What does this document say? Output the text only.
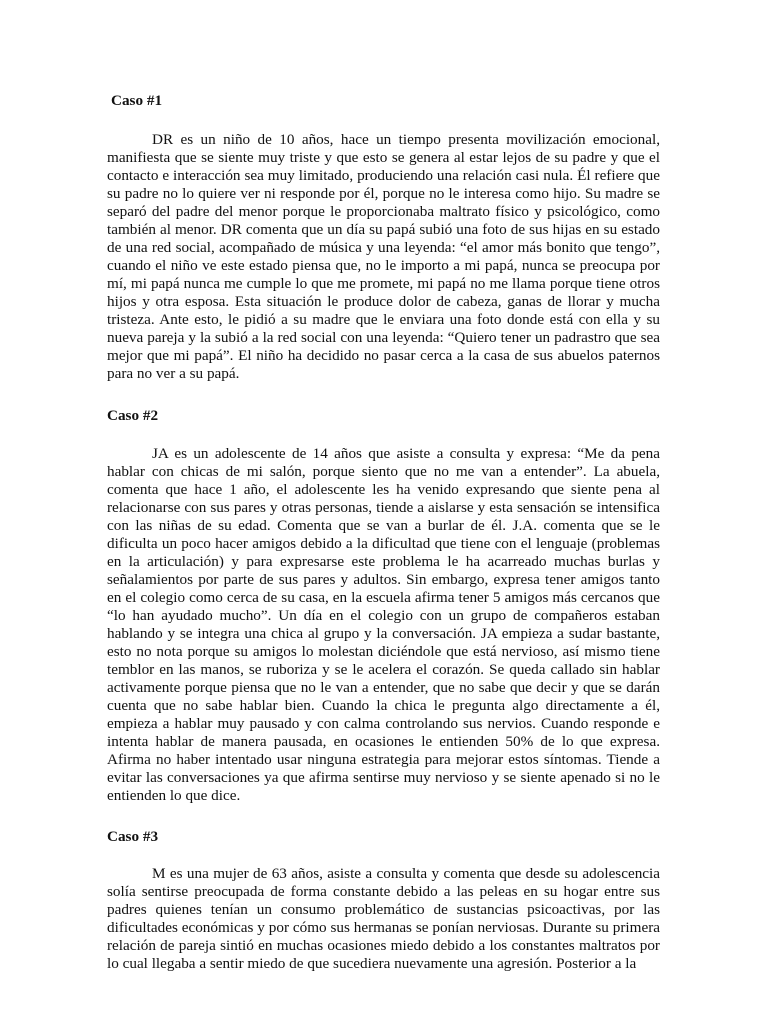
Caso #1

DR es un niño de 10 años, hace un tiempo presenta movilización emocional, manifiesta que se siente muy triste y que esto se genera al estar lejos de su padre y que el contacto e interacción sea muy limitado, produciendo una relación casi nula. Él refiere que su padre no lo quiere ver ni responde por él, porque no le interesa como hijo. Su madre se separó del padre del menor porque le proporcionaba maltrato físico y psicológico, como también al menor. DR comenta que un día su papá subió una foto de sus hijas en su estado de una red social, acompañado de música y una leyenda: “el amor más bonito que tengo”, cuando el niño ve este estado piensa que, no le importo a mi papá, nunca se preocupa por mí, mi papá nunca me cumple lo que me promete, mi papá no me llama porque tiene otros hijos y otra esposa. Esta situación le produce dolor de cabeza, ganas de llorar y mucha tristeza. Ante esto, le pidió a su madre que le enviara una foto donde está con ella y su nueva pareja y la subió a la red social con una leyenda: “Quiero tener un padrastro que sea mejor que mi papá”. El niño ha decidido no pasar cerca a la casa de sus abuelos paternos para no ver a su papá.

Caso #2

JA es un adolescente de 14 años que asiste a consulta y expresa: “Me da pena hablar con chicas de mi salón, porque siento que no me van a entender”. La abuela, comenta que hace 1 año, el adolescente les ha venido expresando que siente pena al relacionarse con sus pares y otras personas, tiende a aislarse y esta sensación se intensifica con las niñas de su edad. Comenta que se van a burlar de él. J.A. comenta que se le dificulta un poco hacer amigos debido a la dificultad que tiene con el lenguaje (problemas en la articulación) y para expresarse este problema le ha acarreado muchas burlas y señalamientos por parte de sus pares y adultos. Sin embargo, expresa tener amigos tanto en el colegio como cerca de su casa, en la escuela afirma tener 5 amigos más cercanos que “lo han ayudado mucho”. Un día en el colegio con un grupo de compañeros estaban hablando y se integra una chica al grupo y la conversación. JA empieza a sudar bastante, esto no nota porque su amigos lo molestan diciéndole que está nervioso, así mismo tiene temblor en las manos, se ruboriza y se le acelera el corazón. Se queda callado sin hablar activamente porque piensa que no le van a entender, que no sabe que decir y que se darán cuenta que no sabe hablar bien. Cuando la chica le pregunta algo directamente a él, empieza a hablar muy pausado y con calma controlando sus nervios. Cuando responde e intenta hablar de manera pausada, en ocasiones le entienden 50% de lo que expresa. Afirma no haber intentado usar ninguna estrategia para mejorar estos síntomas. Tiende a evitar las conversaciones ya que afirma sentirse muy nervioso y se siente apenado si no le entienden lo que dice.

Caso #3

M es una mujer de 63 años, asiste a consulta y comenta que desde su adolescencia solía sentirse preocupada de forma constante debido a las peleas en su hogar entre sus padres quienes tenían un consumo problemático de sustancias psicoactivas, por las dificultades económicas y por cómo sus hermanas se ponían nerviosas. Durante su primera relación de pareja sintió en muchas ocasiones miedo debido a los constantes maltratos por lo cual llegaba a sentir miedo de que sucediera nuevamente una agresión. Posterior a la
